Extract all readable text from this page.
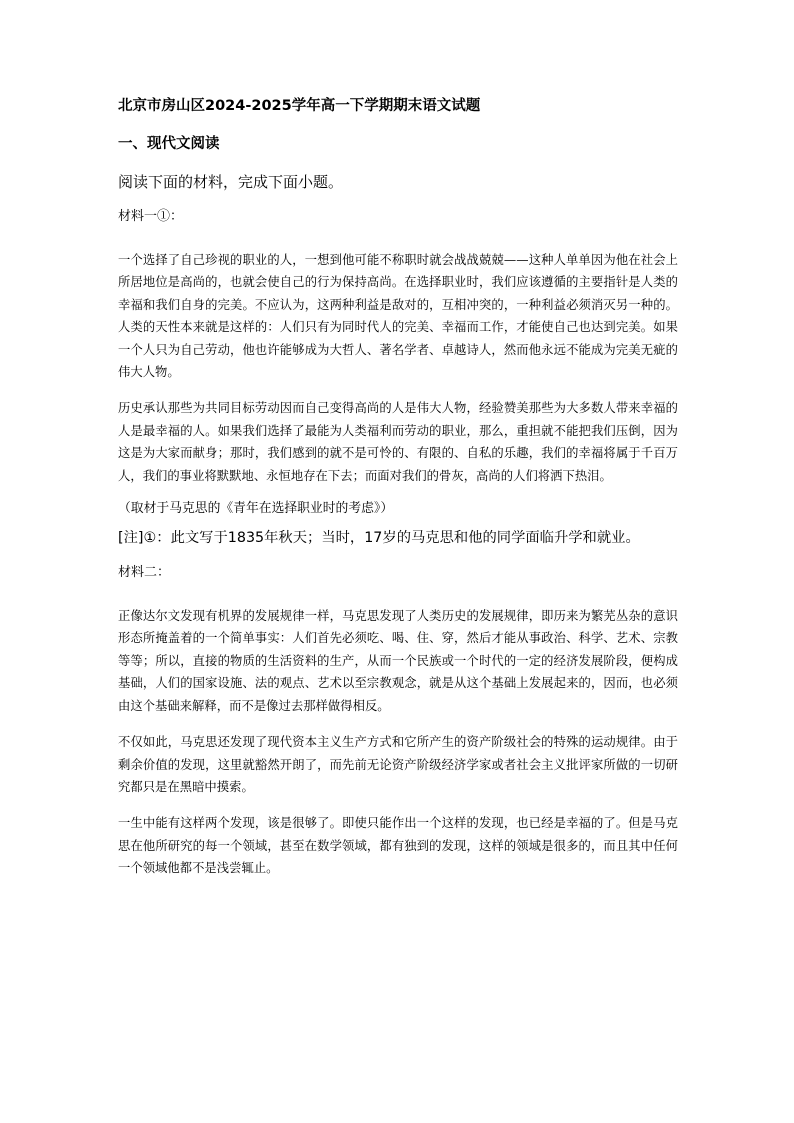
北京市房山区2024-2025学年高一下学期期末语文试题
一、现代文阅读

阅读下面的材料，完成下面小题。

材料一①：

一个选择了自己珍视的职业的人，一想到他可能不称职时就会战战兢兢——这种人单单因为他在社会上所居地位是高尚的，也就会使自己的行为保持高尚。在选择职业时，我们应该遵循的主要指针是人类的幸福和我们自身的完美。不应认为，这两种利益是敌对的，互相冲突的，一种利益必须消灭另一种的。人类的天性本来就是这样的：人们只有为同时代人的完美、幸福而工作，才能使自己也达到完美。如果一个人只为自己劳动，他也许能够成为大哲人、著名学者、卓越诗人，然而他永远不能成为完美无疵的伟大人物。

历史承认那些为共同目标劳动因而自己变得高尚的人是伟大人物，经验赞美那些为大多数人带来幸福的人是最幸福的人。如果我们选择了最能为人类福利而劳动的职业，那么，重担就不能把我们压倒，因为这是为大家而献身；那时，我们感到的就不是可怜的、有限的、自私的乐趣，我们的幸福将属于千百万人，我们的事业将默默地、永恒地存在下去；而面对我们的骨灰，高尚的人们将洒下热泪。

（取材于马克思的《青年在选择职业时的考虑》）

[注]①：此文写于1835年秋天；当时，17岁的马克思和他的同学面临升学和就业。

材料二：

正像达尔文发现有机界的发展规律一样，马克思发现了人类历史的发展规律，即历来为繁芜丛杂的意识形态所掩盖着的一个简单事实：人们首先必须吃、喝、住、穿，然后才能从事政治、科学、艺术、宗教等等；所以，直接的物质的生活资料的生产，从而一个民族或一个时代的一定的经济发展阶段，便构成基础，人们的国家设施、法的观点、艺术以至宗教观念，就是从这个基础上发展起来的，因而，也必须由这个基础来解释，而不是像过去那样做得相反。

不仅如此，马克思还发现了现代资本主义生产方式和它所产生的资产阶级社会的特殊的运动规律。由于剩余价值的发现，这里就豁然开朗了，而先前无论资产阶级经济学家或者社会主义批评家所做的一切研究都只是在黑暗中摸索。

一生中能有这样两个发现，该是很够了。即使只能作出一个这样的发现，也已经是幸福的了。但是马克思在他所研究的每一个领域，甚至在数学领域，都有独到的发现，这样的领域是很多的，而且其中任何一个领域他都不是浅尝辄止。
